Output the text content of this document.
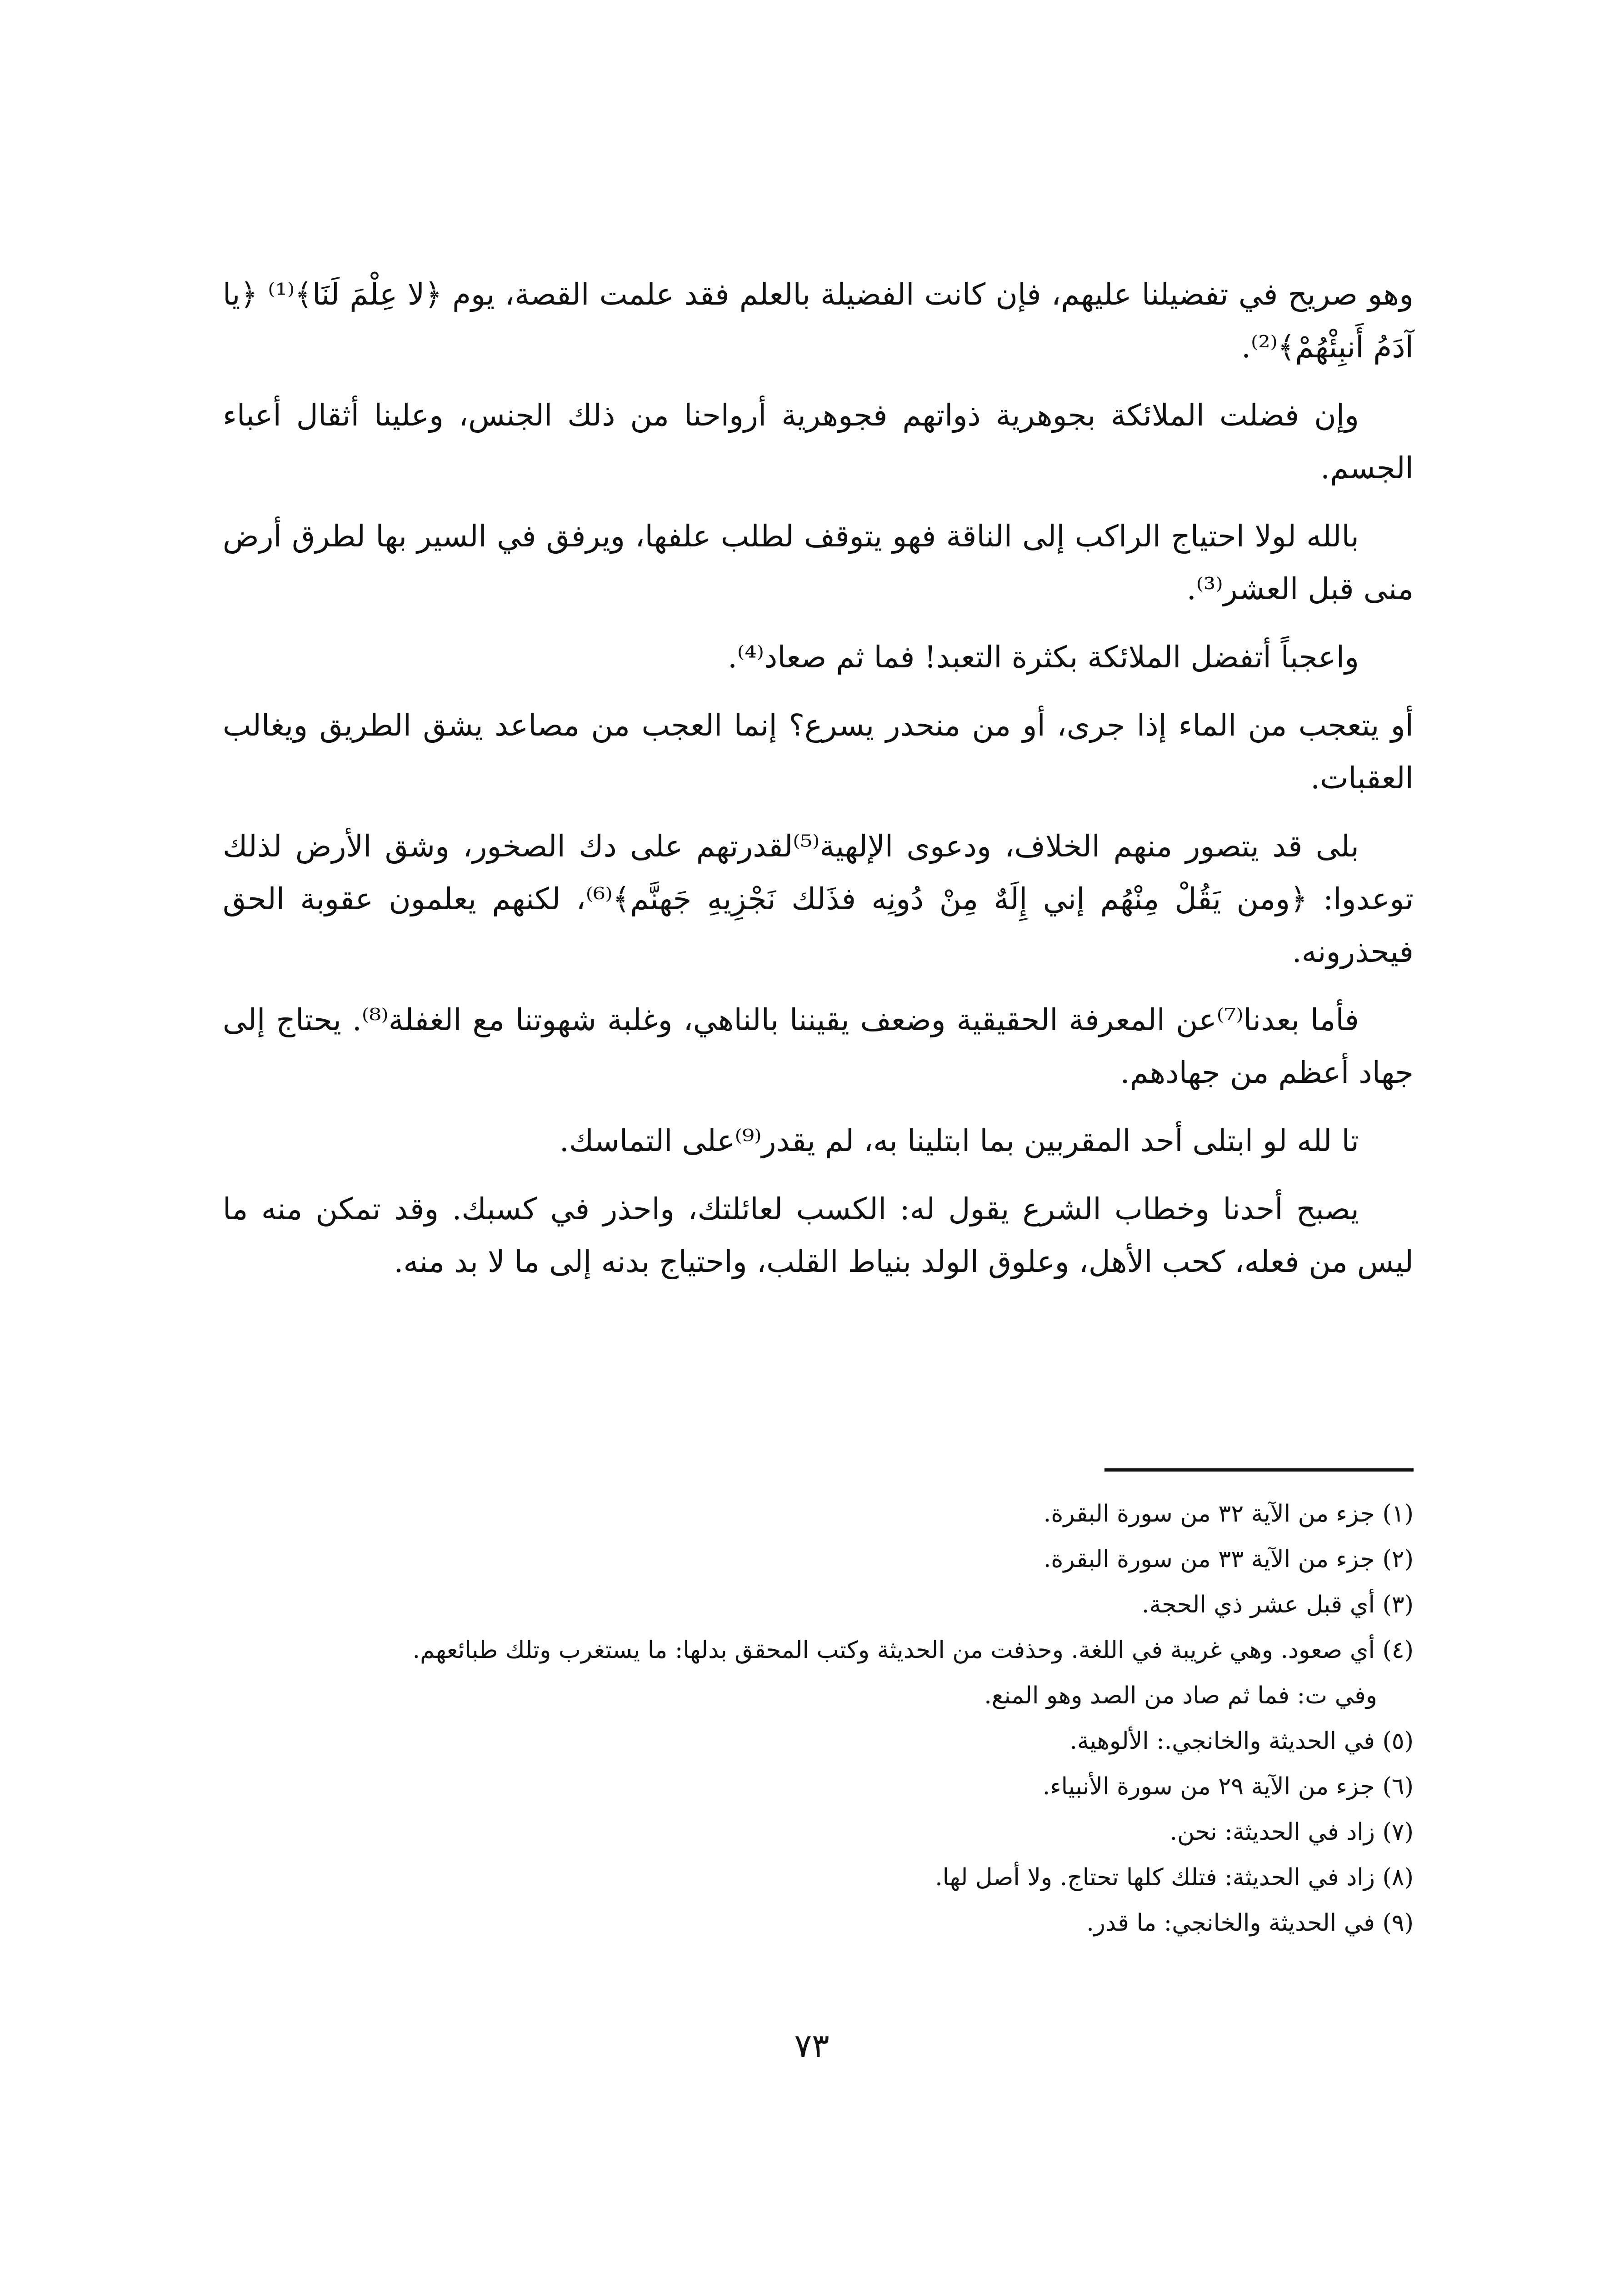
وهو صريح في تفضيلنا عليهم، فإن كانت الفضيلة بالعلم فقد علمت القصة، يوم ﴿لا عِلْمَ لَنَا﴾⁽¹⁾ ﴿يا آدَمُ أَنبِئْهُمْ﴾⁽²⁾.

وإن فضلت الملائكة بجوهرية ذواتهم فجوهرية أرواحنا من ذلك الجنس، وعلينا أثقال أعباء الجسم.

بالله لولا احتياج الراكب إلى الناقة فهو يتوقف لطلب علفها، ويرفق في السير بها لطرق أرض منى قبل العشر⁽³⁾.

واعجباً أتفضل الملائكة بكثرة التعبد! فما ثم صعاد⁽⁴⁾.

أو يتعجب من الماء إذا جرى، أو من منحدر يسرع؟ إنما العجب من مصاعد يشق الطريق ويغالب العقبات.

بلى قد يتصور منهم الخلاف، ودعوى الإلهية⁽⁵⁾لقدرتهم على دك الصخور، وشق الأرض لذلك توعدوا: ﴿ومن يَقُلْ مِنْهُم إني إِلَهٌ مِنْ دُونِه فذَلك نَجْزِيهِ جَهنَّم﴾⁽⁶⁾، لكنهم يعلمون عقوبة الحق فيحذرونه.

فأما بعدنا⁽⁷⁾عن المعرفة الحقيقية وضعف يقيننا بالناهي، وغلبة شهوتنا مع الغفلة⁽⁸⁾. يحتاج إلى جهاد أعظم من جهادهم.

تا لله لو ابتلى أحد المقربين بما ابتلينا به، لم يقدر⁽⁹⁾على التماسك.

يصبح أحدنا وخطاب الشرع يقول له: الكسب لعائلتك، واحذر في كسبك. وقد تمكن منه ما ليس من فعله، كحب الأهل، وعلوق الولد بنياط القلب، واحتياج بدنه إلى ما لا بد منه.

(١) جزء من الآية ٣٢ من سورة البقرة.

(٢) جزء من الآية ٣٣ من سورة البقرة.

(٣) أي قبل عشر ذي الحجة.

(٤) أي صعود. وهي غريبة في اللغة. وحذفت من الحديثة وكتب المحقق بدلها: ما يستغرب وتلك طبائعهم.

وفي ت: فما ثم صاد من الصد وهو المنع.

(٥) في الحديثة والخانجي.: الألوهية.

(٦) جزء من الآية ٢٩ من سورة الأنبياء.

(٧) زاد في الحديثة: نحن.

(٨) زاد في الحديثة: فتلك كلها تحتاج. ولا أصل لها.

(٩) في الحديثة والخانجي: ما قدر.

٧٣
